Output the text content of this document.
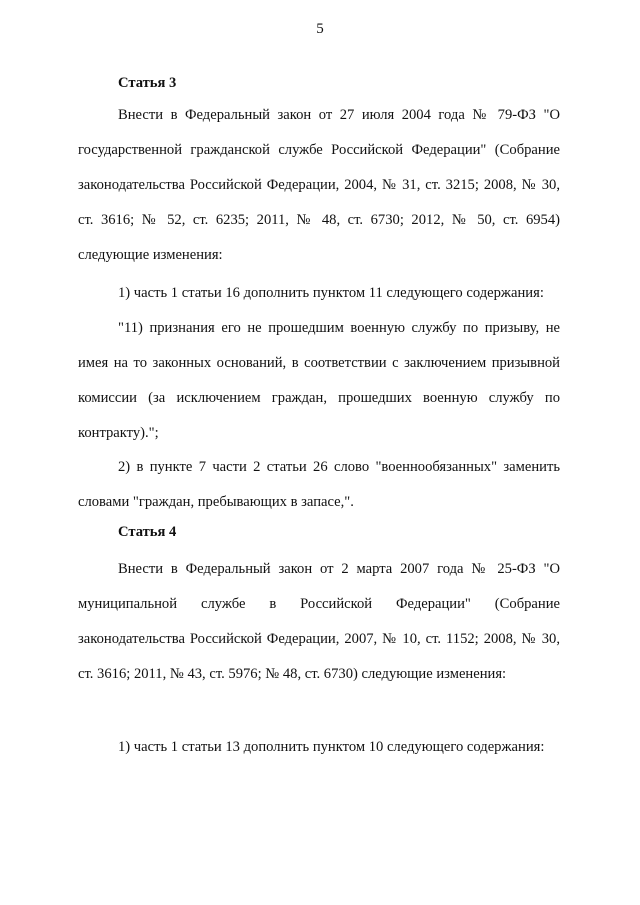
5

Статья 3

Внести в Федеральный закон от 27 июля 2004 года № 79-ФЗ "О государственной гражданской службе Российской Федерации" (Собрание законодательства Российской Федерации, 2004, № 31, ст. 3215; 2008, № 30, ст. 3616; № 52, ст. 6235; 2011, № 48, ст. 6730; 2012, № 50, ст. 6954) следующие изменения:

1) часть 1 статьи 16 дополнить пунктом 11 следующего содержания:

"11) признания его не прошедшим военную службу по призыву, не имея на то законных оснований, в соответствии с заключением призывной комиссии (за исключением граждан, прошедших военную службу по контракту).";

2) в пункте 7 части 2 статьи 26 слово "военнообязанных" заменить словами "граждан, пребывающих в запасе,".

Статья 4

Внести в Федеральный закон от 2 марта 2007 года № 25-ФЗ "О муниципальной службе в Российской Федерации" (Собрание законодательства Российской Федерации, 2007, № 10, ст. 1152; 2008, № 30, ст. 3616; 2011, № 43, ст. 5976; № 48, ст. 6730) следующие изменения:

1) часть 1 статьи 13 дополнить пунктом 10 следующего содержания:
